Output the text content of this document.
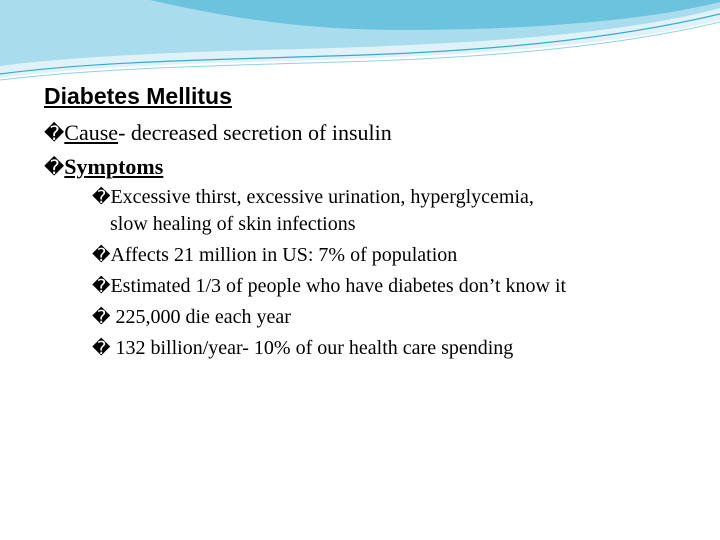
Diabetes Mellitus
�Cause- decreased secretion of insulin
�Symptoms
�Excessive thirst, excessive urination, hyperglycemia,
slow healing of skin infections
�Affects 21 million in US: 7% of population
�Estimated 1/3 of people who have diabetes don’t know it
� 225,000 die each year
� 132 billion/year- 10% of our health care spending
